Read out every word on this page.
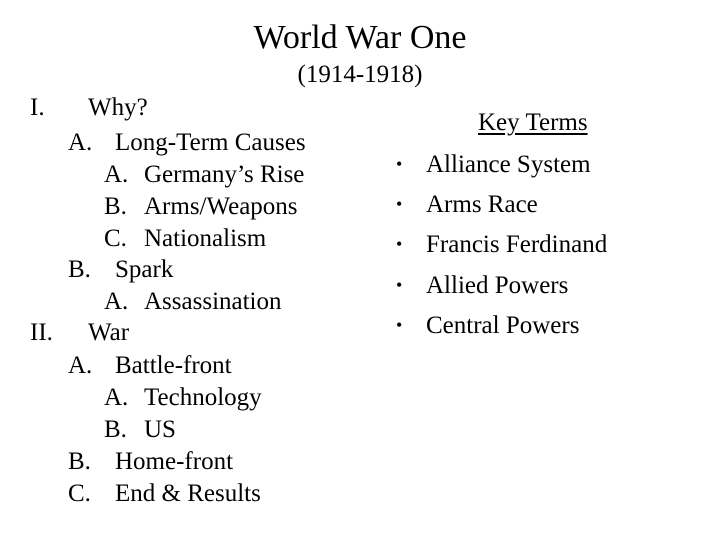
World War One
(1914-1918)
I. Why?
A. Long-Term Causes
A. Germany’s Rise
B. Arms/Weapons
C. Nationalism
B. Spark
A. Assassination
II. War
A. Battle-front
A. Technology
B. US
B. Home-front
C. End & Results
Key Terms
• Alliance System
• Arms Race
• Francis Ferdinand
• Allied Powers
• Central Powers
